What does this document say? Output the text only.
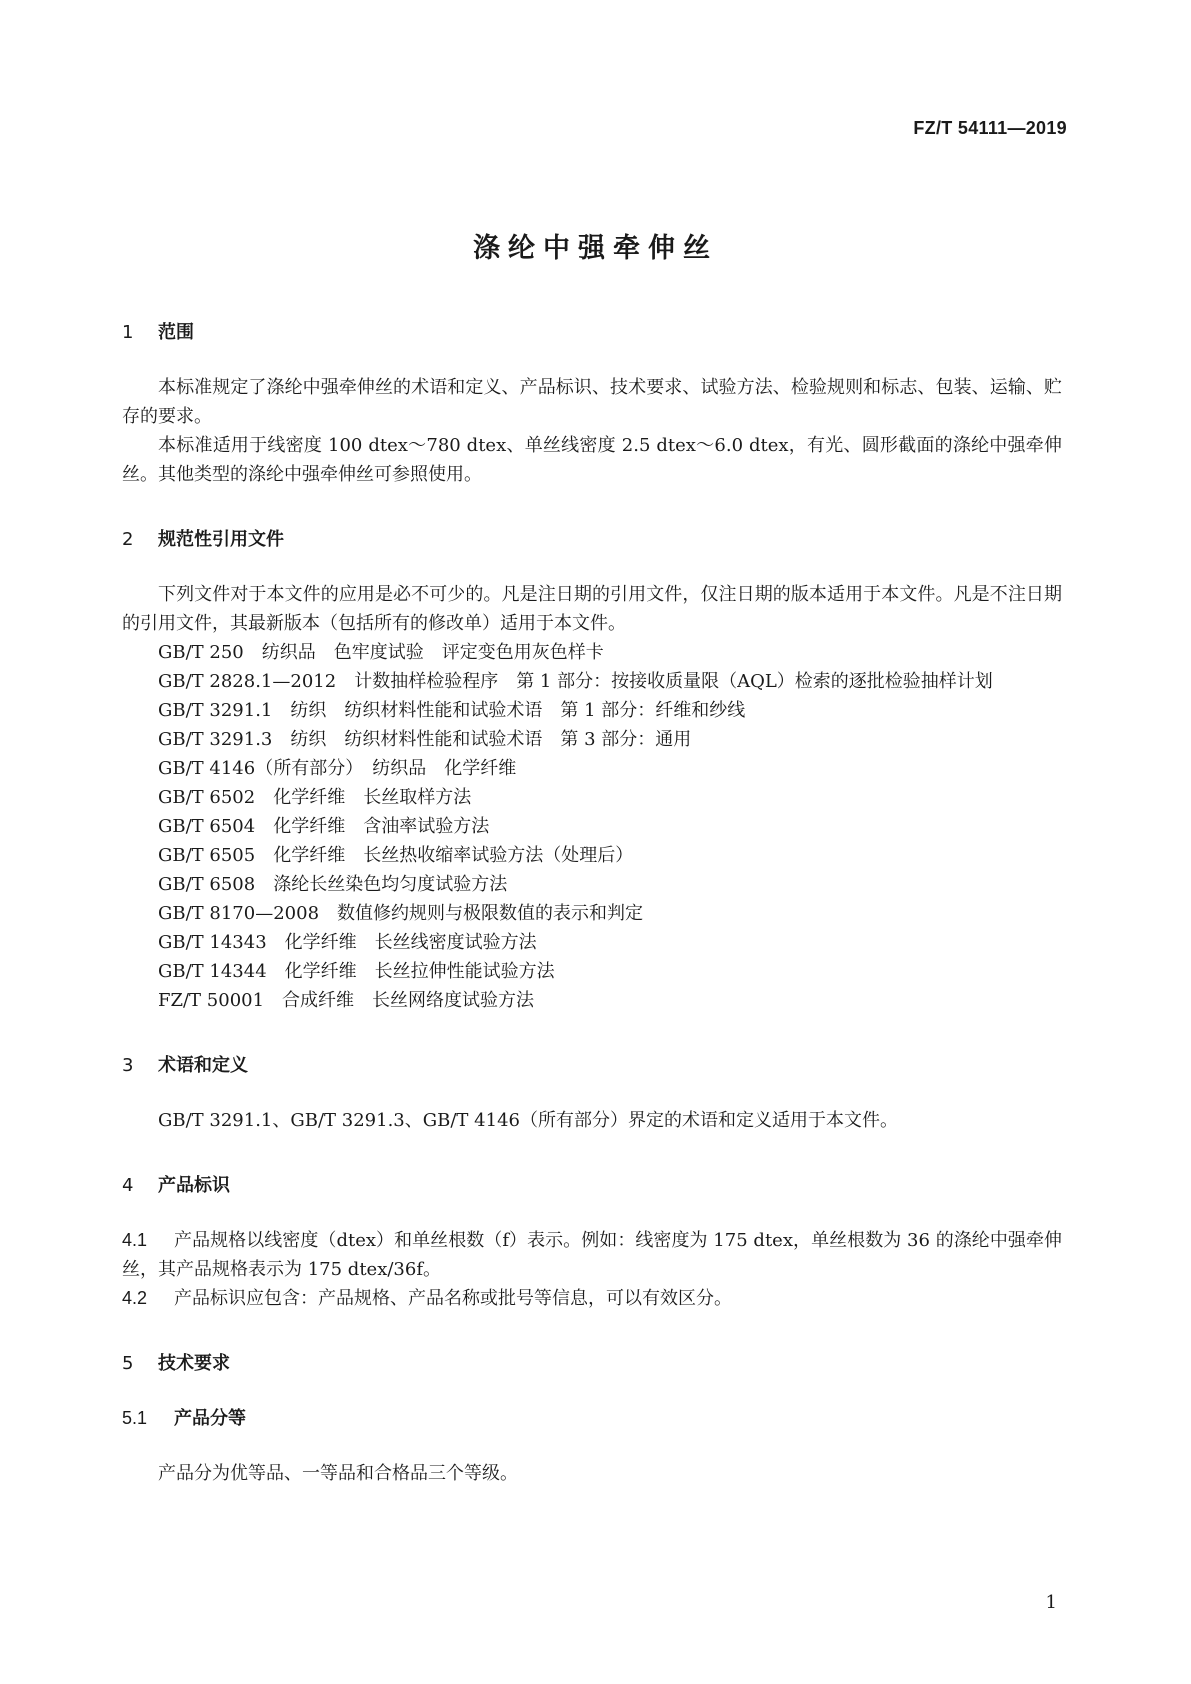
FZ/T 54111—2019
涤纶中强牵伸丝

1 范围

本标准规定了涤纶中强牵伸丝的术语和定义、产品标识、技术要求、试验方法、检验规则和标志、包装、运输、贮存的要求。

本标准适用于线密度 100 dtex～780 dtex、单丝线密度 2.5 dtex～6.0 dtex，有光、圆形截面的涤纶中强牵伸丝。其他类型的涤纶中强牵伸丝可参照使用。

2 规范性引用文件

下列文件对于本文件的应用是必不可少的。凡是注日期的引用文件，仅注日期的版本适用于本文件。凡是不注日期的引用文件，其最新版本（包括所有的修改单）适用于本文件。

GB/T 250　纺织品　色牢度试验　评定变色用灰色样卡

GB/T 2828.1—2012　计数抽样检验程序　第 1 部分：按接收质量限（AQL）检索的逐批检验抽样计划

GB/T 3291.1　纺织　纺织材料性能和试验术语　第 1 部分：纤维和纱线

GB/T 3291.3　纺织　纺织材料性能和试验术语　第 3 部分：通用

GB/T 4146（所有部分）　纺织品　化学纤维

GB/T 6502　化学纤维　长丝取样方法

GB/T 6504　化学纤维　含油率试验方法

GB/T 6505　化学纤维　长丝热收缩率试验方法（处理后）

GB/T 6508　涤纶长丝染色均匀度试验方法

GB/T 8170—2008　数值修约规则与极限数值的表示和判定

GB/T 14343　化学纤维　长丝线密度试验方法

GB/T 14344　化学纤维　长丝拉伸性能试验方法

FZ/T 50001　合成纤维　长丝网络度试验方法

3 术语和定义

GB/T 3291.1、GB/T 3291.3、GB/T 4146（所有部分）界定的术语和定义适用于本文件。

4 产品标识

4.1 产品规格以线密度（dtex）和单丝根数（f）表示。例如：线密度为 175 dtex，单丝根数为 36 的涤纶中强牵伸丝，其产品规格表示为 175 dtex/36f。

4.2 产品标识应包含：产品规格、产品名称或批号等信息，可以有效区分。

5 技术要求

5.1 产品分等

产品分为优等品、一等品和合格品三个等级。

1
